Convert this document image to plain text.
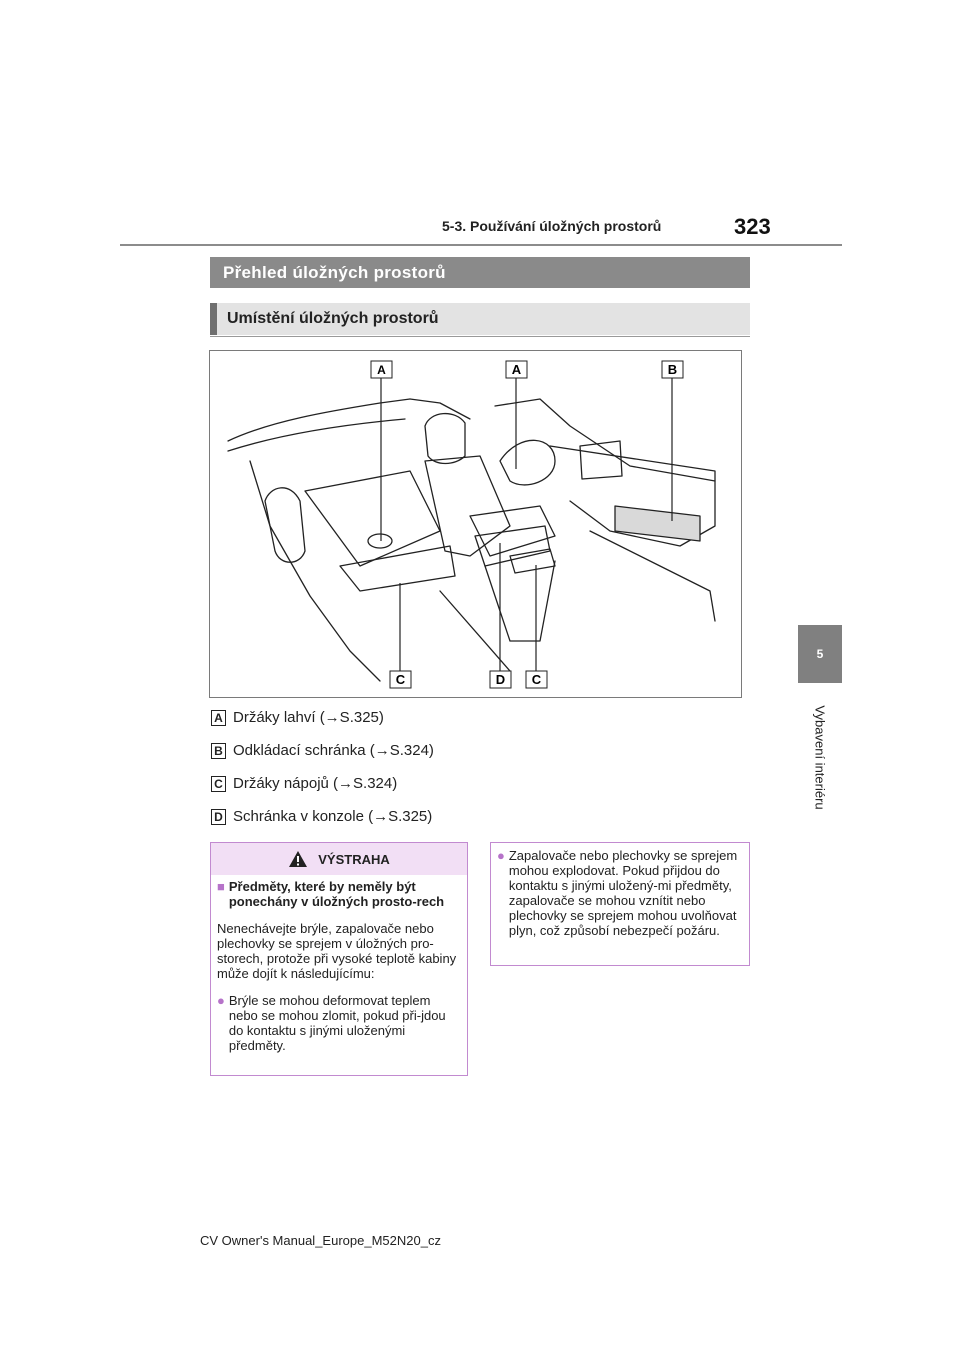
5-3. Používání úložných prostorů	323
5
Vybavení interiéru
Přehled úložných prostorů
Umístění úložných prostorů
A	A	B
C	D C
A Držáky lahví (→S.325)
B Odkládací schránka (→S.324)
C Držáky nápojů (→S.324)
D Schránka v konzole (→S.325)
VÝSTRAHA
■ Předměty, které by neměly být ponechány v úložných prosto-rech
Nenechávejte brýle, zapalovače nebo plechovky se sprejem v úložných pro-storech, protože při vysoké teplotě kabiny může dojít k následujícímu:
● Brýle se mohou deformovat teplem nebo se mohou zlomit, pokud při-jdou do kontaktu s jinými uloženými předměty.
● Zapalovače nebo plechovky se sprejem mohou explodovat. Pokud přijdou do kontaktu s jinými uložený-mi předměty, zapalovače se mohou vznítit nebo plechovky se sprejem mohou uvolňovat plyn, což způsobí nebezpečí požáru.
CV Owner's Manual_Europe_M52N20_cz
